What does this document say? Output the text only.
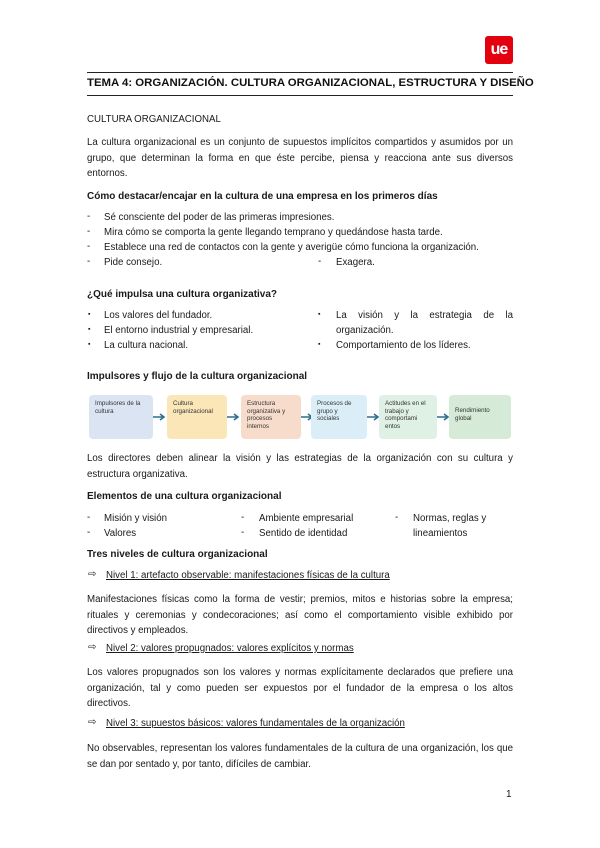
ue
TEMA 4: ORGANIZACIÓN. CULTURA ORGANIZACIONAL, ESTRUCTURA Y DISEÑO
CULTURA ORGANIZACIONAL
La cultura organizacional es un conjunto de supuestos implícitos compartidos y asumidos por un grupo, que determinan la forma en que éste percibe, piensa y reacciona ante sus diversos entornos.
Cómo destacar/encajar en la cultura de una empresa en los primeros días
- Sé consciente del poder de las primeras impresiones.
- Mira cómo se comporta la gente llegando temprano y quedándose hasta tarde.
- Establece una red de contactos con la gente y averigüe cómo funciona la organización.
- Pide consejo.	- Exagera.
¿Qué impulsa una cultura organizativa?
▪ Los valores del fundador.
▪ El entorno industrial y empresarial.
▪ La cultura nacional.
▪ La visión y la estrategia de la
organización.
▪ Comportamiento de los líderes.
Impulsores y flujo de la cultura organizacional
Impulsores de la cultura
Cultura organizacional
Estructura organizativa y procesos internos
Procesos de grupo y sociales
Actitudes en el trabajo y comportami entos
Rendimiento global
Los directores deben alinear la visión y las estrategias de la organización con su cultura y estructura organizativa.
Elementos de una cultura organizacional
- Misión y visión
- Valores
- Ambiente empresarial
- Sentido de identidad
- Normas, reglas y
lineamientos
Tres niveles de cultura organizacional
⇨ Nivel 1: artefacto observable: manifestaciones físicas de la cultura
Manifestaciones físicas como la forma de vestir; premios, mitos e historias sobre la empresa; rituales y ceremonias y condecoraciones; así como el comportamiento visible exhibido por directivos y empleados.
⇨ Nivel 2: valores propugnados: valores explícitos y normas
Los valores propugnados son los valores y normas explícitamente declarados que prefiere una organización, tal y como pueden ser expuestos por el fundador de la empresa o los altos directivos.
⇨ Nivel 3: supuestos básicos: valores fundamentales de la organización
No observables, representan los valores fundamentales de la cultura de una organización, los que se dan por sentado y, por tanto, difíciles de cambiar.
1
